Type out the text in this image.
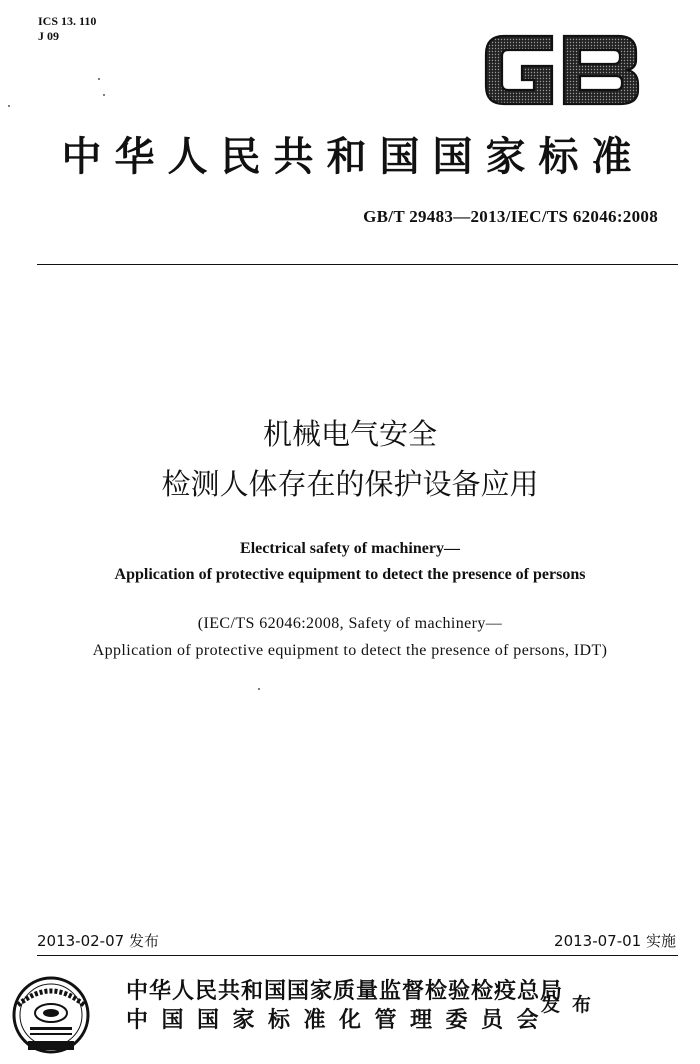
ICS 13. 110
J 09
中华人民共和国国家标准
GB/T 29483—2013/IEC/TS 62046:2008
机械电气安全
检测人体存在的保护设备应用
Electrical safety of machinery—
Application of protective equipment to detect the presence of persons
(IEC/TS 62046:2008, Safety of machinery—
Application of protective equipment to detect the presence of persons, IDT)
2013-02-07 发布	2013-07-01 实施
中华人民共和国国家质量监督检验检疫总局
中国国家标准化管理委员会
发布
